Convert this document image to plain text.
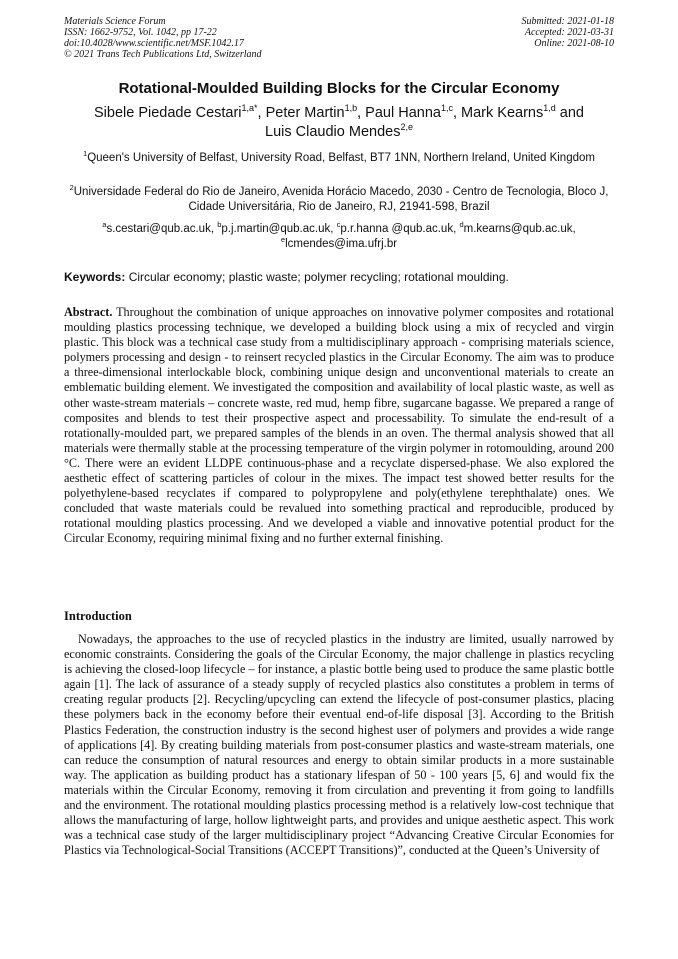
Materials Science Forum
ISSN: 1662-9752, Vol. 1042, pp 17-22
doi:10.4028/www.scientific.net/MSF.1042.17
© 2021 Trans Tech Publications Ltd, Switzerland
Submitted: 2021-01-18
Accepted: 2021-03-31
Online: 2021-08-10
Rotational-Moulded Building Blocks for the Circular Economy
Sibele Piedade Cestari$^{1,a*}$, Peter Martin$^{1,b}$, Paul Hanna$^{1,c}$, Mark Kearns$^{1,d}$ and Luis Claudio Mendes$^{2,e}$
$^1$Queen's University of Belfast, University Road, Belfast, BT7 1NN, Northern Ireland, United Kingdom
$^2$Universidade Federal do Rio de Janeiro, Avenida Horácio Macedo, 2030 - Centro de Tecnologia, Bloco J, Cidade Universitária, Rio de Janeiro, RJ, 21941-598, Brazil
$^a$s.cestari@qub.ac.uk, $^b$p.j.martin@qub.ac.uk, $^c$p.r.hanna @qub.ac.uk, $^d$m.kearns@qub.ac.uk, $^e$lcmendes@ima.ufrj.br
Keywords: Circular economy; plastic waste; polymer recycling; rotational moulding.

Abstract. Throughout the combination of unique approaches on innovative polymer composites and rotational moulding plastics processing technique, we developed a building block using a mix of recycled and virgin plastic. This block was a technical case study from a multidisciplinary approach - comprising materials science, polymers processing and design - to reinsert recycled plastics in the Circular Economy. The aim was to produce a three-dimensional interlockable block, combining unique design and unconventional materials to create an emblematic building element. We investigated the composition and availability of local plastic waste, as well as other waste-stream materials – concrete waste, red mud, hemp fibre, sugarcane bagasse. We prepared a range of composites and blends to test their prospective aspect and processability. To simulate the end-result of a rotationally-moulded part, we prepared samples of the blends in an oven. The thermal analysis showed that all materials were thermally stable at the processing temperature of the virgin polymer in rotomoulding, around 200 °C. There were an evident LLDPE continuous-phase and a recyclate dispersed-phase. We also explored the aesthetic effect of scattering particles of colour in the mixes. The impact test showed better results for the polyethylene-based recyclates if compared to polypropylene and poly(ethylene terephthalate) ones. We concluded that waste materials could be revalued into something practical and reproducible, produced by rotational moulding plastics processing. And we developed a viable and innovative potential product for the Circular Economy, requiring minimal fixing and no further external finishing.

Introduction

Nowadays, the approaches to the use of recycled plastics in the industry are limited, usually narrowed by economic constraints. Considering the goals of the Circular Economy, the major challenge in plastics recycling is achieving the closed-loop lifecycle – for instance, a plastic bottle being used to produce the same plastic bottle again [1]. The lack of assurance of a steady supply of recycled plastics also constitutes a problem in terms of creating regular products [2]. Recycling/upcycling can extend the lifecycle of post-consumer plastics, placing these polymers back in the economy before their eventual end-of-life disposal [3]. According to the British Plastics Federation, the construction industry is the second highest user of polymers and provides a wide range of applications [4]. By creating building materials from post-consumer plastics and waste-stream materials, one can reduce the consumption of natural resources and energy to obtain similar products in a more sustainable way. The application as building product has a stationary lifespan of 50 - 100 years [5, 6] and would fix the materials within the Circular Economy, removing it from circulation and preventing it from going to landfills and the environment. The rotational moulding plastics processing method is a relatively low-cost technique that allows the manufacturing of large, hollow lightweight parts, and provides and unique aesthetic aspect. This work was a technical case study of the larger multidisciplinary project “Advancing Creative Circular Economies for Plastics via Technological-Social Transitions (ACCEPT Transitions)”, conducted at the Queen’s University of
